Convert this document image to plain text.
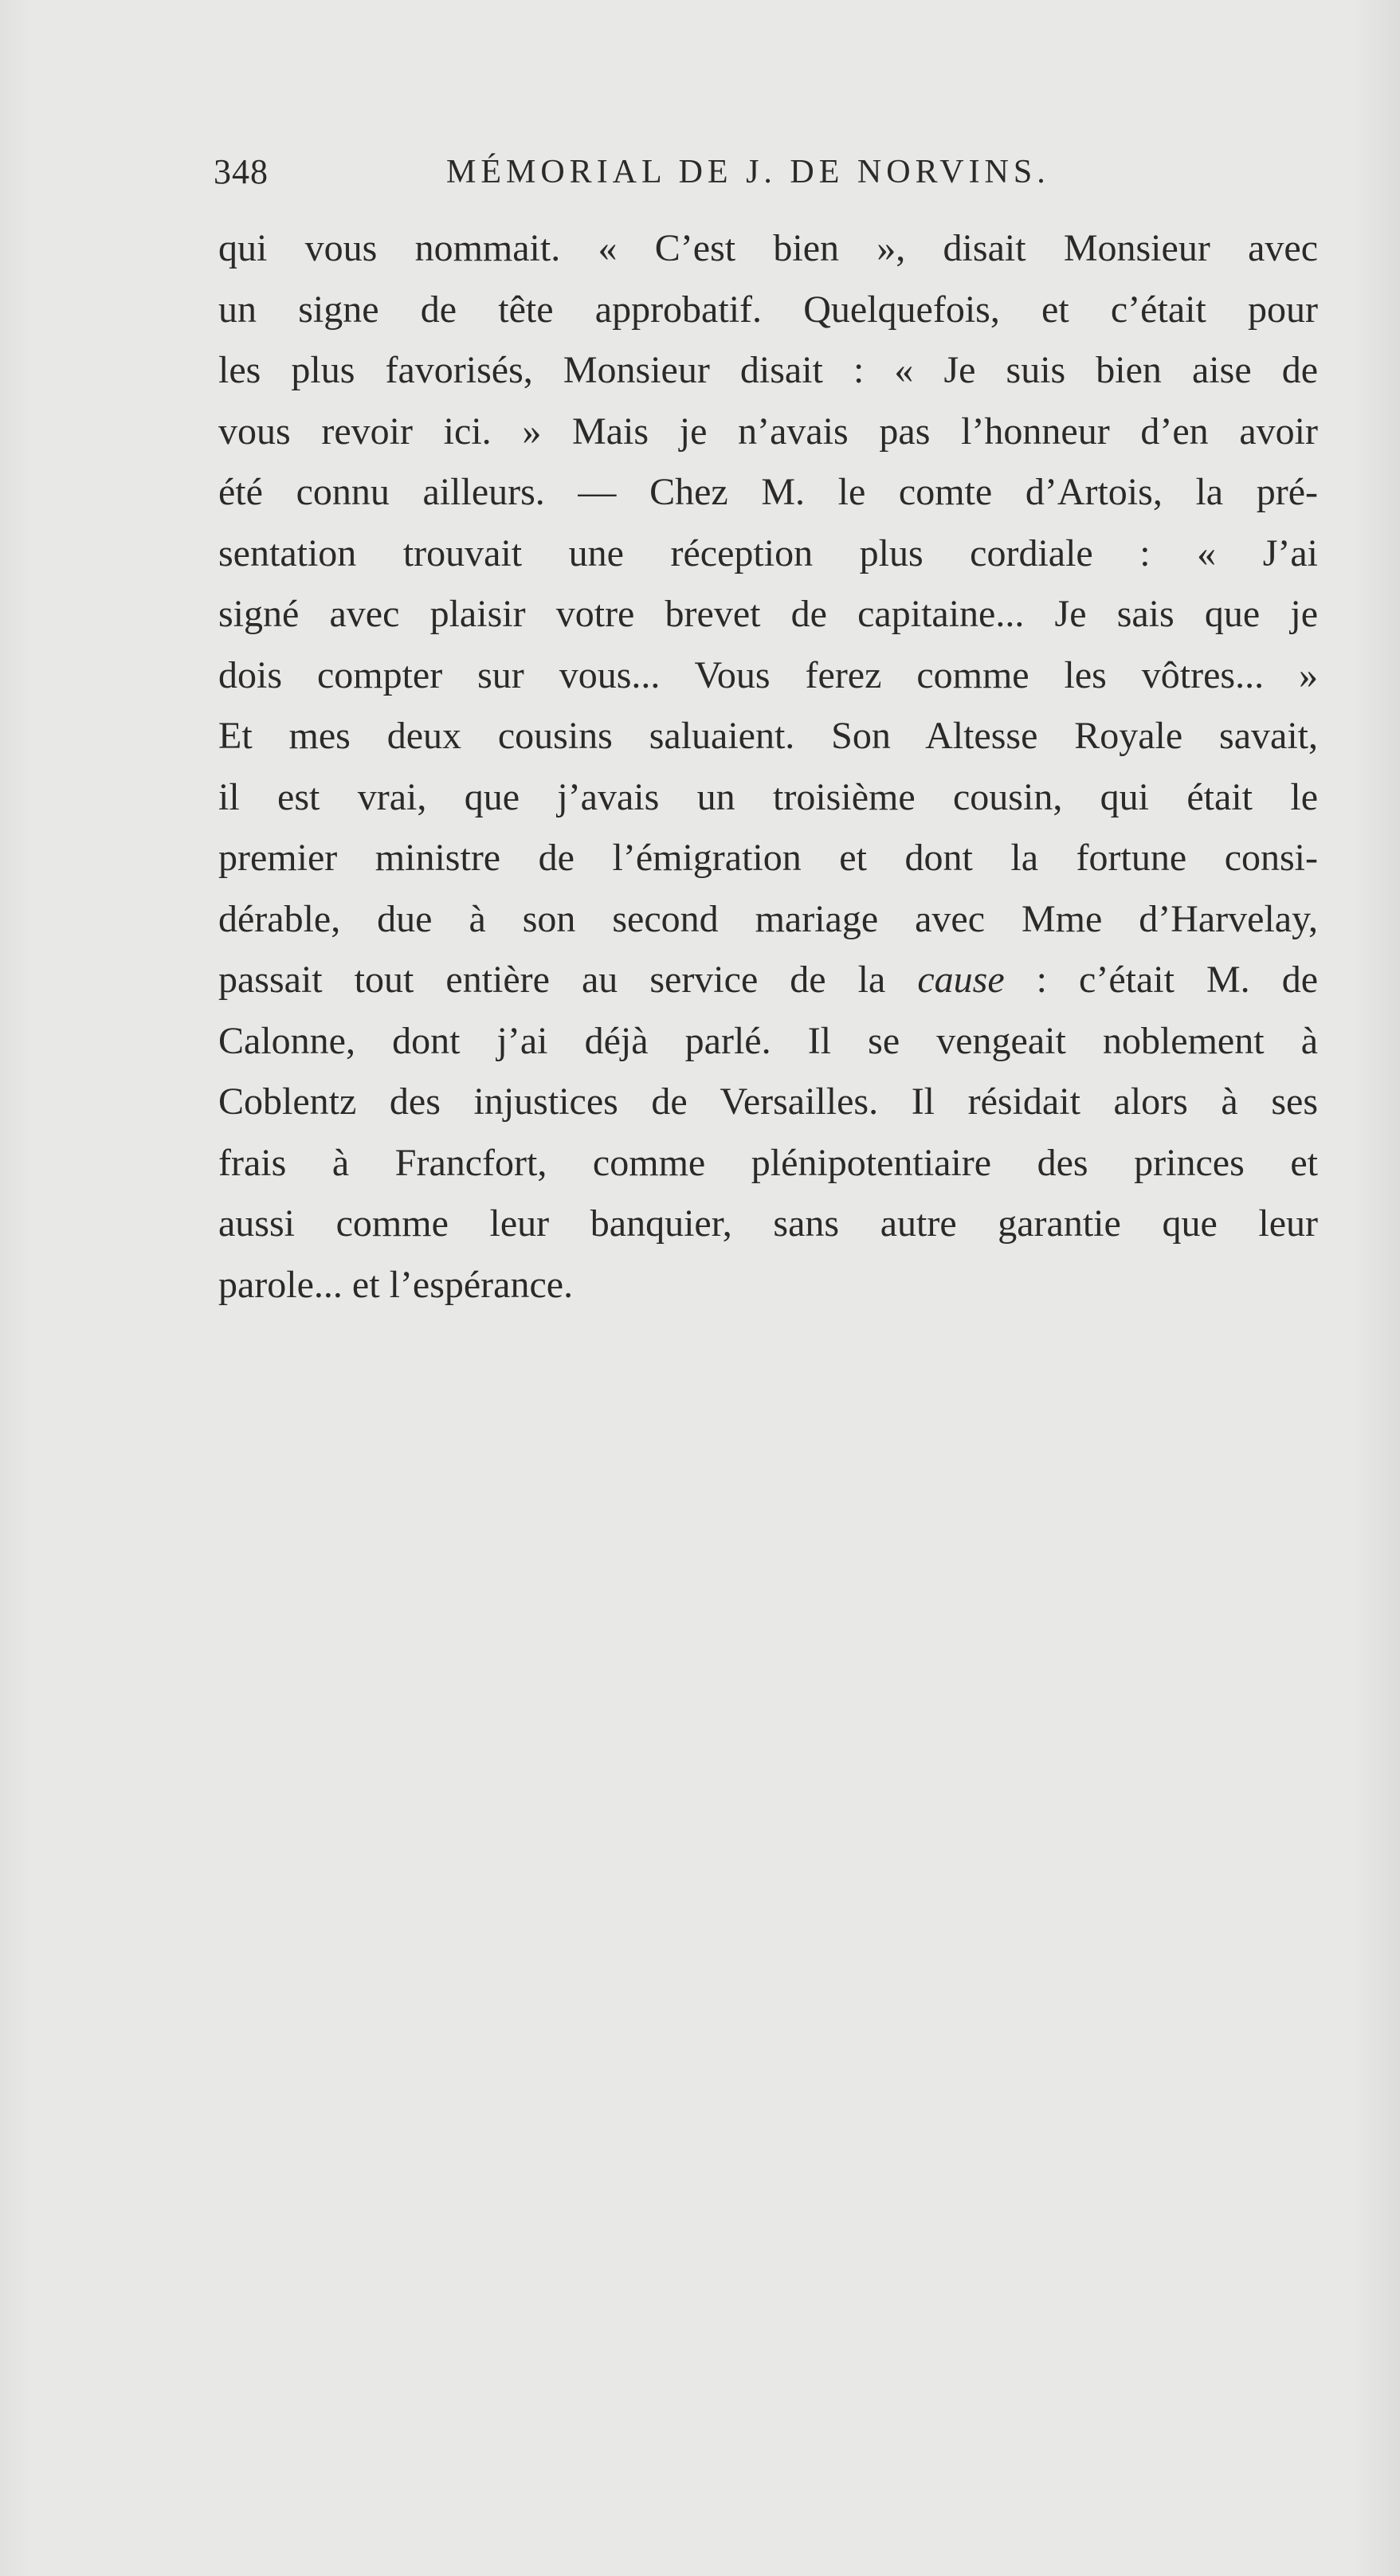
348	MÉMORIAL DE J. DE NORVINS.
qui vous nommait. « C’est bien », disait Monsieur avec
un signe de tête approbatif. Quelquefois, et c’était pour
les plus favorisés, Monsieur disait : « Je suis bien aise de
vous revoir ici. » Mais je n’avais pas l’honneur d’en avoir
été connu ailleurs. — Chez M. le comte d’Artois, la pré-
sentation trouvait une réception plus cordiale : « J’ai
signé avec plaisir votre brevet de capitaine... Je sais que je
dois compter sur vous... Vous ferez comme les vôtres... »
Et mes deux cousins saluaient. Son Altesse Royale savait,
il est vrai, que j’avais un troisième cousin, qui était le
premier ministre de l’émigration et dont la fortune consi-
dérable, due à son second mariage avec Mme d’Harvelay,
passait tout entière au service de la cause : c’était M. de
Calonne, dont j’ai déjà parlé. Il se vengeait noblement à
Coblentz des injustices de Versailles. Il résidait alors à ses
frais à Francfort, comme plénipotentiaire des princes et
aussi comme leur banquier, sans autre garantie que leur
parole... et l’espérance.
